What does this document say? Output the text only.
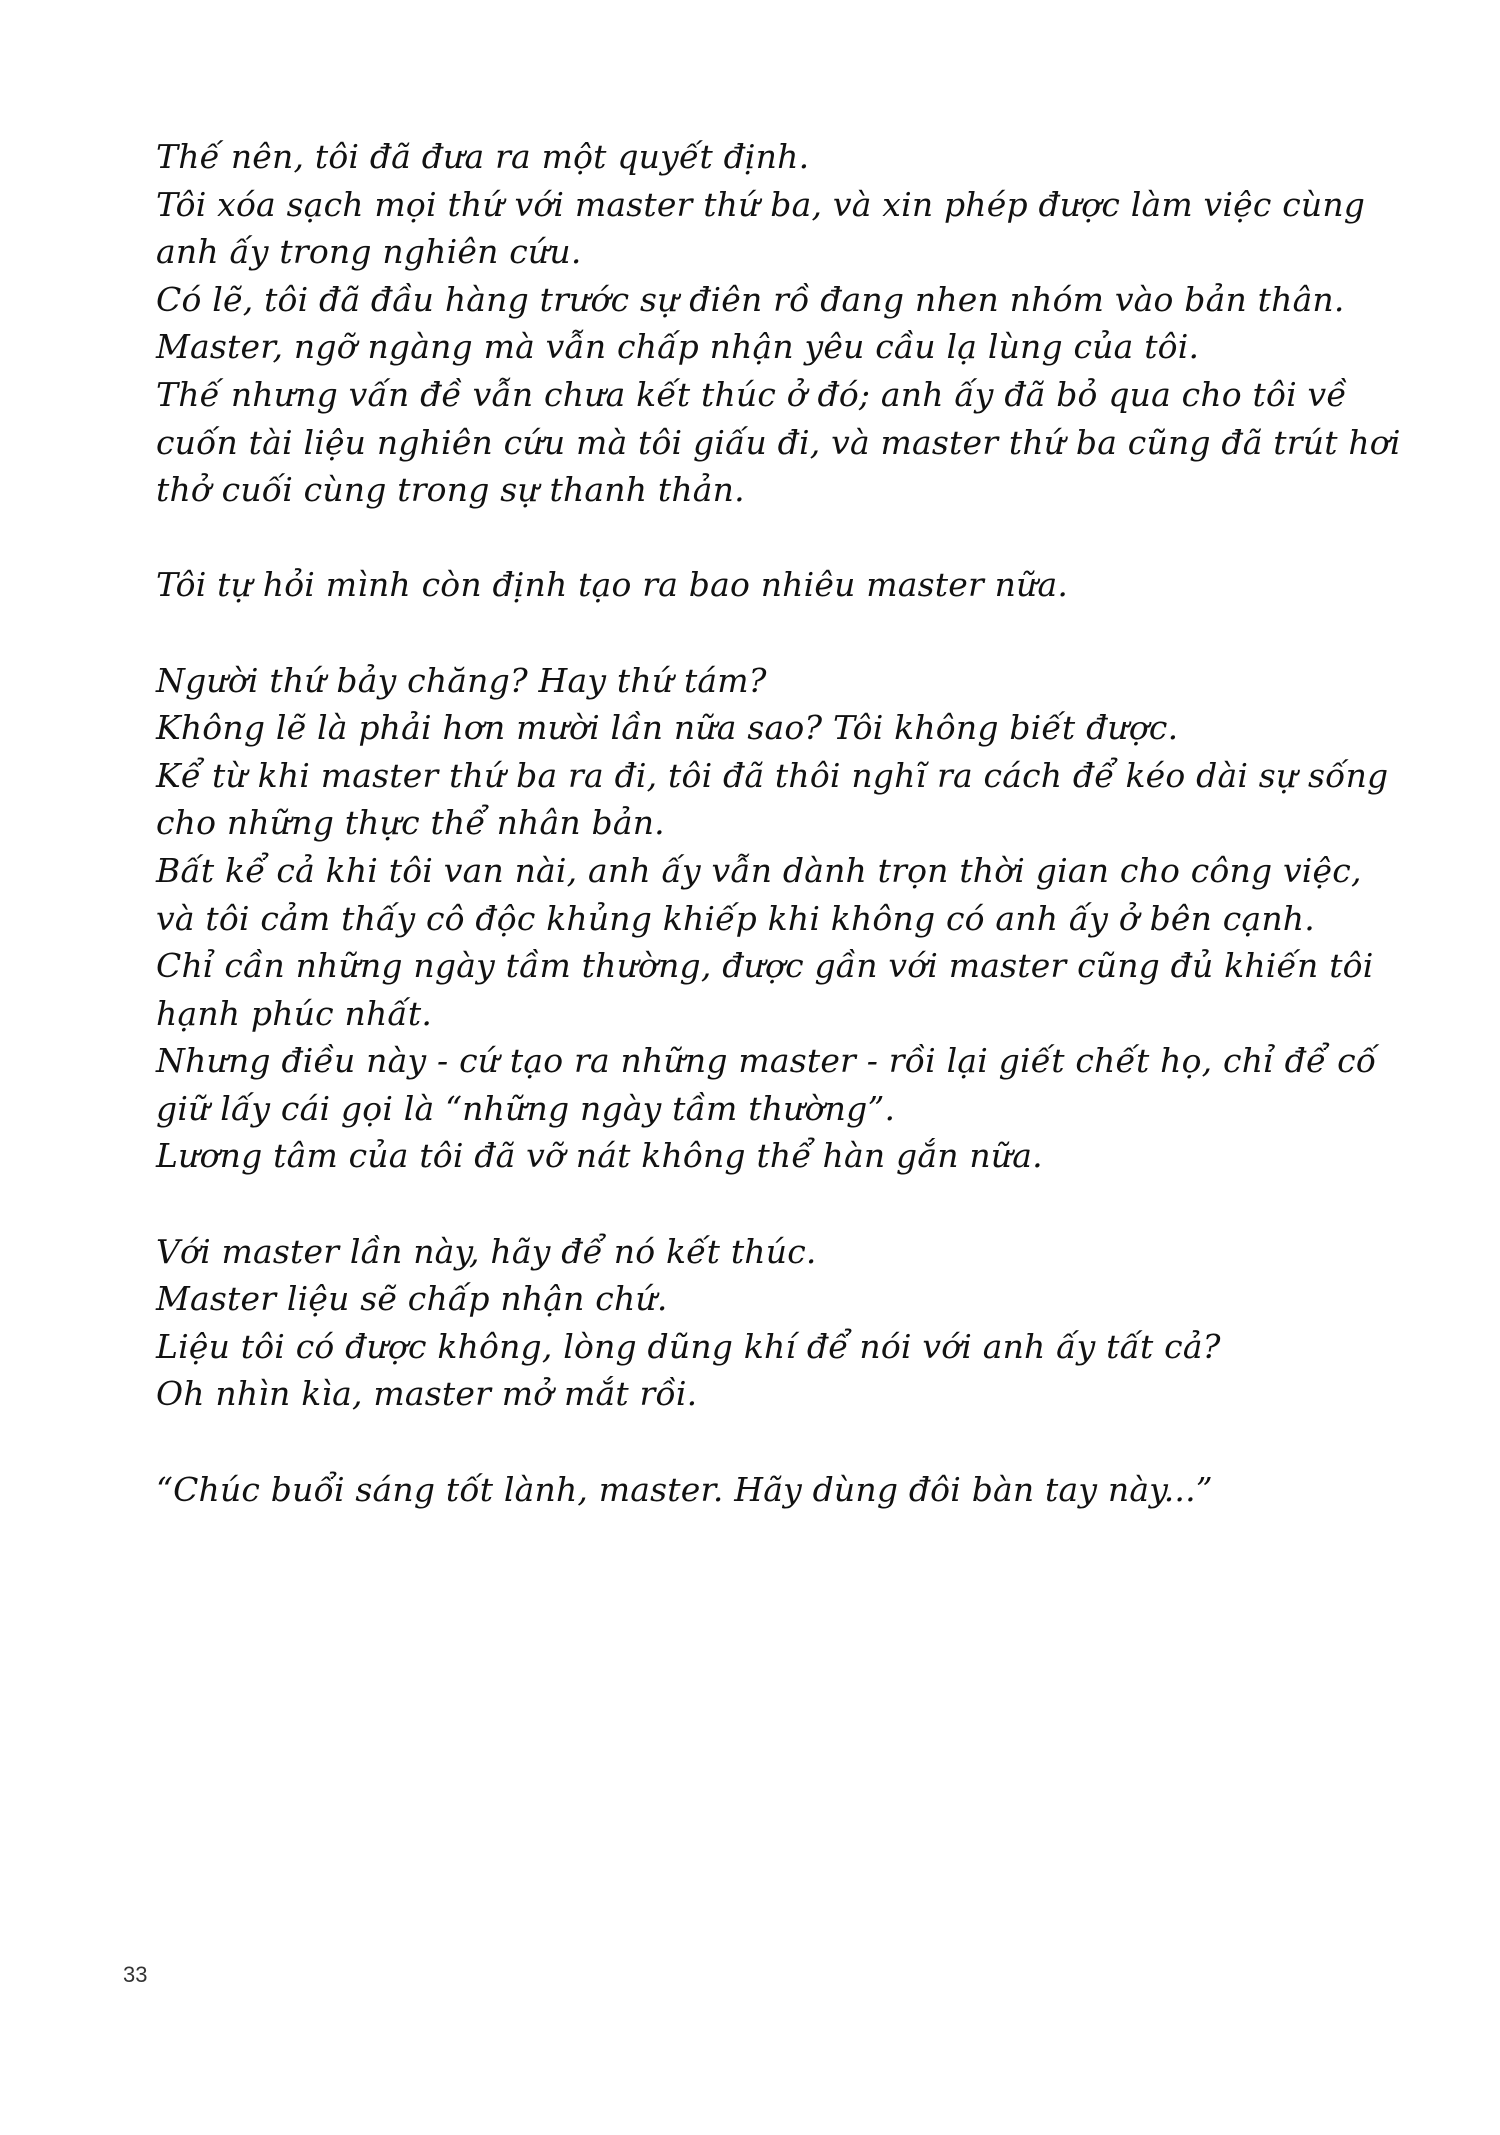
Thế nên, tôi đã đưa ra một quyết định.
Tôi xóa sạch mọi thứ với master thứ ba, và xin phép được làm việc cùng
anh ấy trong nghiên cứu.
Có lẽ, tôi đã đầu hàng trước sự điên rồ đang nhen nhóm vào bản thân.
Master, ngỡ ngàng mà vẫn chấp nhận yêu cầu lạ lùng của tôi.
Thế nhưng vấn đề vẫn chưa kết thúc ở đó; anh ấy đã bỏ qua cho tôi về
cuốn tài liệu nghiên cứu mà tôi giấu đi, và master thứ ba cũng đã trút hơi
thở cuối cùng trong sự thanh thản.

Tôi tự hỏi mình còn định tạo ra bao nhiêu master nữa.

Người thứ bảy chăng? Hay thứ tám?
Không lẽ là phải hơn mười lần nữa sao? Tôi không biết được.
Kể từ khi master thứ ba ra đi, tôi đã thôi nghĩ ra cách để kéo dài sự sống
cho những thực thể nhân bản.
Bất kể cả khi tôi van nài, anh ấy vẫn dành trọn thời gian cho công việc,
và tôi cảm thấy cô độc khủng khiếp khi không có anh ấy ở bên cạnh.
Chỉ cần những ngày tầm thường, được gần với master cũng đủ khiến tôi
hạnh phúc nhất.
Nhưng điều này - cứ tạo ra những master - rồi lại giết chết họ, chỉ để cố
giữ lấy cái gọi là “những ngày tầm thường”.
Lương tâm của tôi đã vỡ nát không thể hàn gắn nữa.

Với master lần này, hãy để nó kết thúc.
Master liệu sẽ chấp nhận chứ.
Liệu tôi có được không, lòng dũng khí để nói với anh ấy tất cả?
Oh nhìn kìa, master mở mắt rồi.

“Chúc buổi sáng tốt lành, master. Hãy dùng đôi bàn tay này...”

33
